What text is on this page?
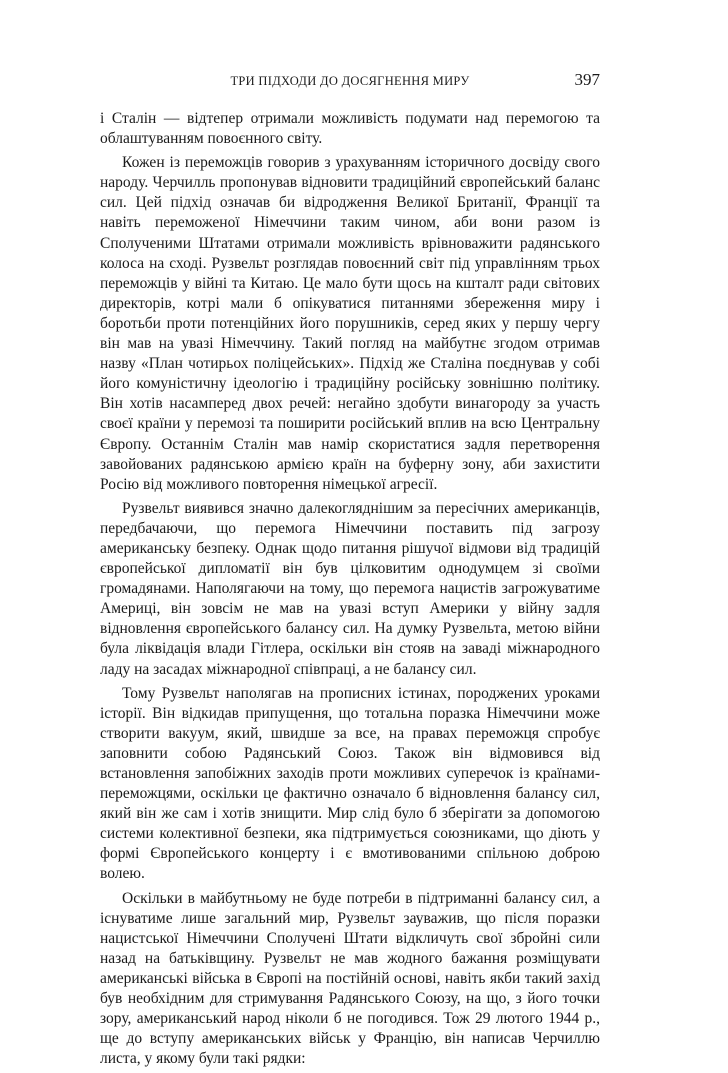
ТРИ ПІДХОДИ ДО ДОСЯГНЕННЯ МИРУ	397

і Сталін — відтепер отримали можливість подумати над перемогою та облаштуванням повоєнного світу.

Кожен із переможців говорив з урахуванням історичного досвіду свого народу. Черчилль пропонував відновити традиційний європейський баланс сил. Цей підхід означав би відродження Великої Британії, Франції та навіть переможеної Німеччини таким чином, аби вони разом із Сполученими Штатами отримали можливість врівноважити радянського колоса на сході. Рузвельт розглядав повоєнний світ під управлінням трьох переможців у війні та Китаю. Це мало бути щось на кшталт ради світових директорів, котрі мали б опікуватися питаннями збереження миру і боротьби проти потенційних його порушників, серед яких у першу чергу він мав на увазі Німеччину. Такий погляд на майбутнє згодом отримав назву «План чотирьох поліцейських». Підхід же Сталіна поєднував у собі його комуністичну ідеологію і традиційну російську зовнішню політику. Він хотів насамперед двох речей: негайно здобути винагороду за участь своєї країни у перемозі та поширити російський вплив на всю Центральну Європу. Останнім Сталін мав намір скористатися задля перетворення завойованих радянською армією країн на буферну зону, аби захистити Росію від можливого повторення німецької агресії.

Рузвельт виявився значно далекогляднішим за пересічних американців, передбачаючи, що перемога Німеччини поставить під загрозу американську безпеку. Однак щодо питання рішучої відмови від традицій європейської дипломатії він був цілковитим однодумцем зі своїми громадянами. Наполягаючи на тому, що перемога нацистів загрожуватиме Америці, він зовсім не мав на увазі вступ Америки у війну задля відновлення європейського балансу сил. На думку Рузвельта, метою війни була ліквідація влади Гітлера, оскільки він стояв на заваді міжнародного ладу на засадах міжнародної співпраці, а не балансу сил.

Тому Рузвельт наполягав на прописних істинах, породжених уроками історії. Він відкидав припущення, що тотальна поразка Німеччини може створити вакуум, який, швидше за все, на правах переможця спробує заповнити собою Радянський Союз. Також він відмовився від встановлення запобіжних заходів проти можливих суперечок із країнами-переможцями, оскільки це фактично означало б відновлення балансу сил, який він же сам і хотів знищити. Мир слід було б зберігати за допомогою системи колективної безпеки, яка підтримується союзниками, що діють у формі Європейського концерту і є вмотивованими спільною доброю волею.

Оскільки в майбутньому не буде потреби в підтриманні балансу сил, а існуватиме лише загальний мир, Рузвельт зауважив, що після поразки нацистської Німеччини Сполучені Штати відкличуть свої збройні сили назад на батьківщину. Рузвельт не мав жодного бажання розміщувати американські війська в Європі на постійній основі, навіть якби такий захід був необхідним для стримування Радянського Союзу, на що, з його точки зору, американський народ ніколи б не погодився. Тож 29 лютого 1944 р., ще до вступу американських військ у Францію, він написав Черчиллю листа, у якому були такі рядки:
